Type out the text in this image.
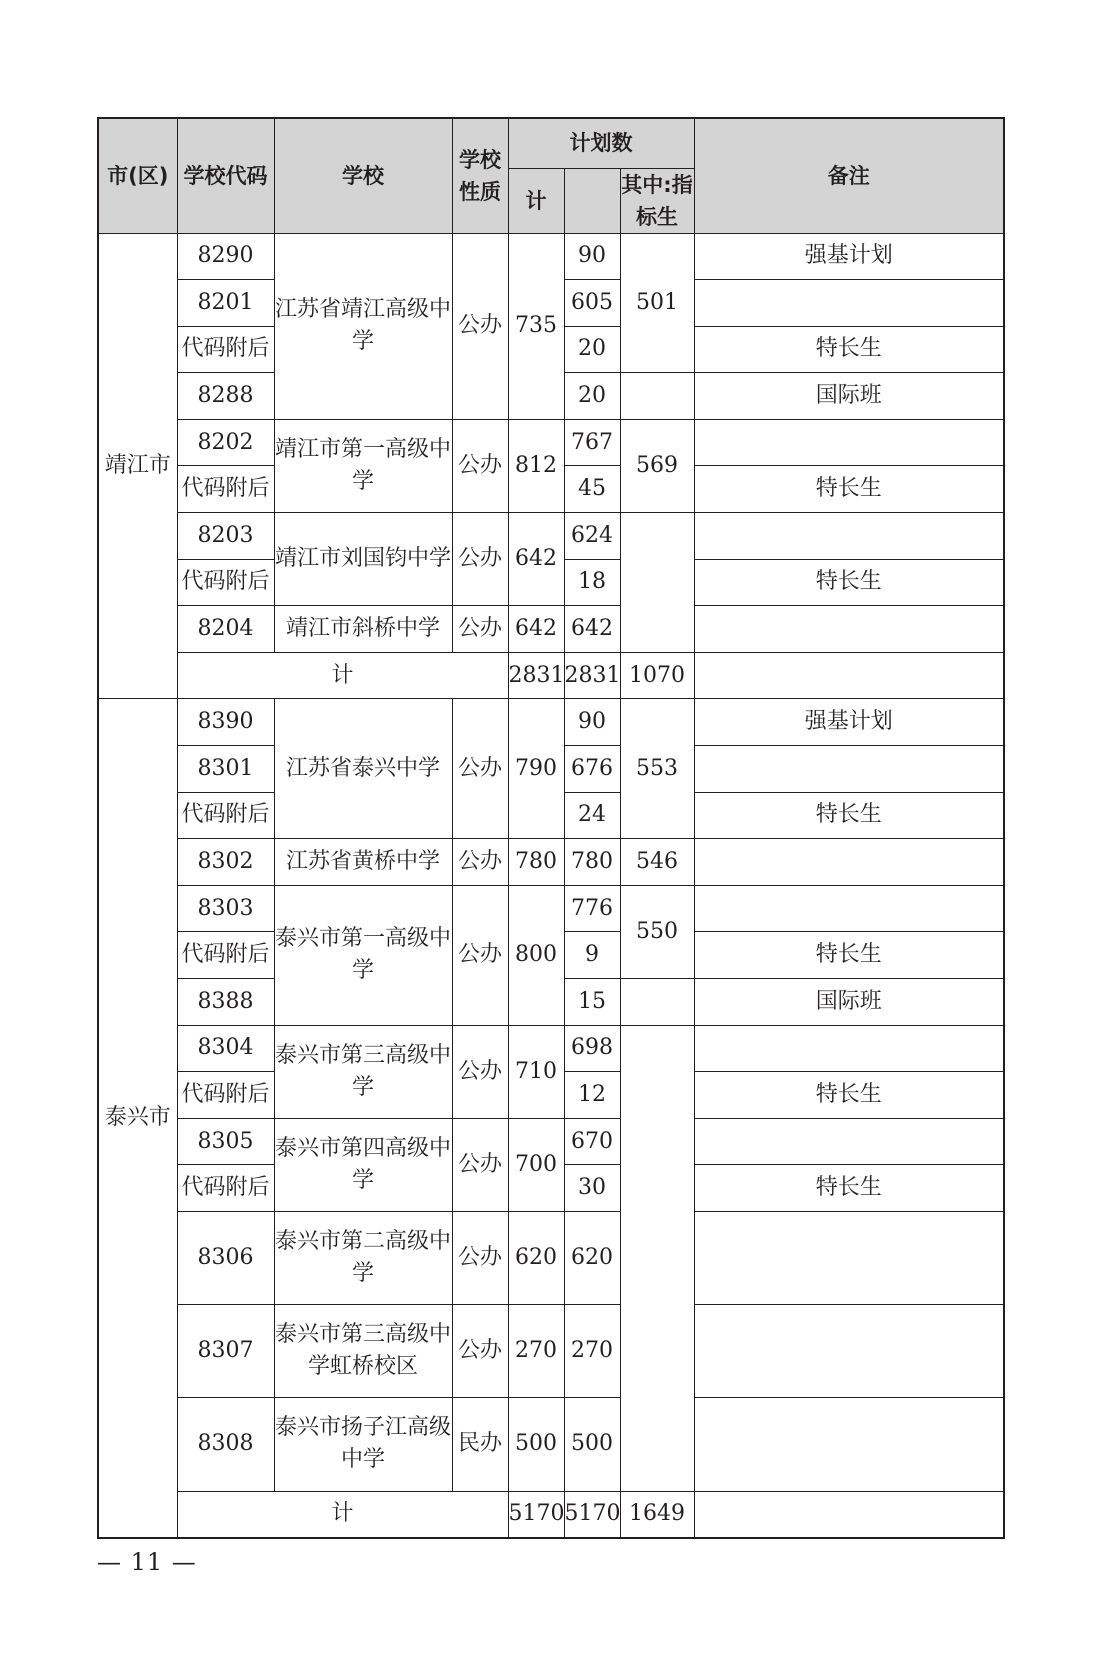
市(区)	学校代码	学校	学校性质	计划数			备注
				计		其中:指标生	
靖江市	8290	江苏省靖江高级中学	公办	735	90	501	强基计划
	8201				605		
	代码附后				20		特长生
	8288				20		国际班
	8202	靖江市第一高级中学	公办	812	767	569	
	代码附后				45		特长生
	8203	靖江市刘国钧中学	公办	642	624		
	代码附后				18		特长生
	8204	靖江市斜桥中学	公办	642	642		
	计			2831	2831	1070	
泰兴市	8390	江苏省泰兴中学	公办	790	90	553	强基计划
	8301				676		
	代码附后				24		特长生
	8302	江苏省黄桥中学	公办	780	780	546	
	8303	泰兴市第一高级中学	公办	800	776	550	
	代码附后				9		特长生
	8388				15		国际班
	8304	泰兴市第三高级中学	公办	710	698		
	代码附后				12		特长生
	8305	泰兴市第四高级中学	公办	700	670		
	代码附后				30		特长生
	8306	泰兴市第二高级中学	公办	620	620		

	8307	泰兴市第三高级中学虹桥校区	公办	270	270		

	8308	泰兴市扬子江高级中学	民办	500	500		

	计			5170	5170	1649	
— 11 —
